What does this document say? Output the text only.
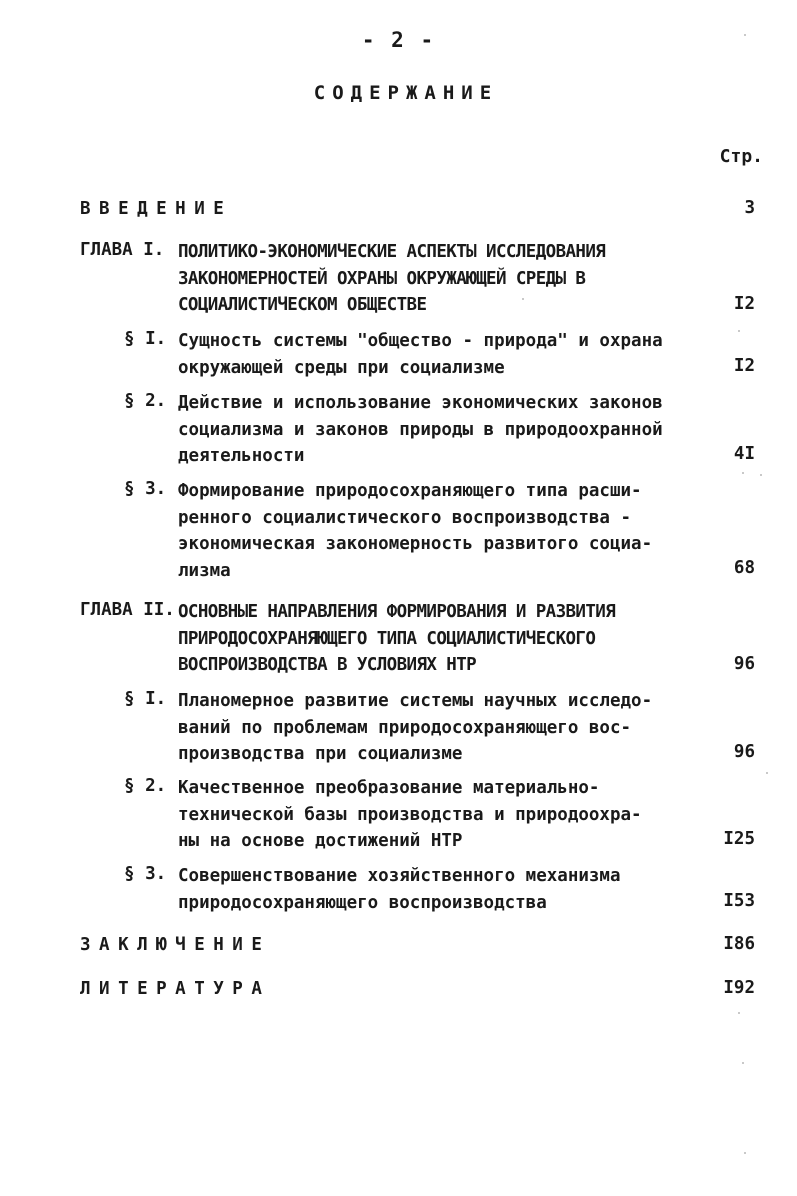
- 2 -
СОДЕРЖАНИЕ
Стр.
ВВЕДЕНИЕ	3
ГЛАВА I. ПОЛИТИКО-ЭКОНОМИЧЕСКИЕ АСПЕКТЫ ИССЛЕДОВАНИЯ
ЗАКОНОМЕРНОСТЕЙ ОХРАНЫ ОКРУЖАЮЩЕЙ СРЕДЫ В
СОЦИАЛИСТИЧЕСКОМ ОБЩЕСТВЕ	I2
§ I. Сущность системы "общество - природа" и охрана
окружающей среды при социализме	I2
§ 2. Действие и использование экономических законов
социализма и законов природы в природоохранной
деятельности	4I
§ 3. Формирование природосохраняющего типа расши-
ренного социалистического воспроизводства -
экономическая закономерность развитого социа-
лизма	68
ГЛАВА II. ОСНОВНЫЕ НАПРАВЛЕНИЯ ФОРМИРОВАНИЯ И РАЗВИТИЯ
ПРИРОДОСОХРАНЯЮЩЕГО ТИПА СОЦИАЛИСТИЧЕСКОГО
ВОСПРОИЗВОДСТВА В УСЛОВИЯХ НТР	96
§ I. Планомерное развитие системы научных исследо-
ваний по проблемам природосохраняющего вос-
производства при социализме	96
§ 2. Качественное преобразование материально-
технической базы производства и природоохра-
ны на основе достижений НТР	I25
§ 3. Совершенствование хозяйственного механизма
природосохраняющего воспроизводства	I53
ЗАКЛЮЧЕНИЕ	I86
ЛИТЕРАТУРА	I92
